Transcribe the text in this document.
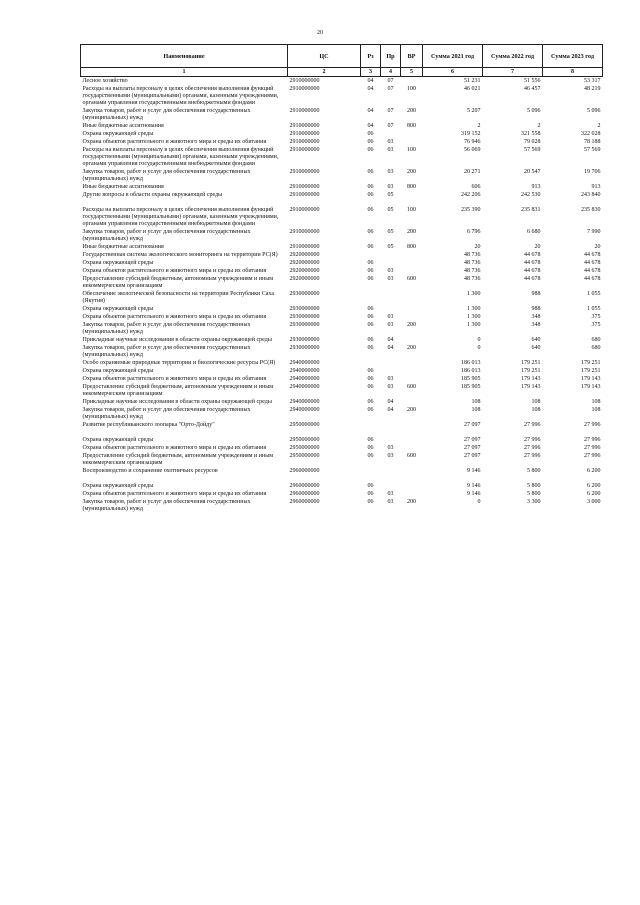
20
Наименование	ЦС	Рз	Пр	ВР	Сумма 2021 год	Сумма 2022 год	Сумма 2023 год
1	2	3	4	5	6	7	8
Лесное хозяйство	2910000000	04	07		51 231	51 556	53 317
Расходы на выплаты персоналу в целях обеспечения выполнения функций государственными (муниципальными) органами, казенными учреждениями, органами управления государственными внебюджетными фондами	2910000000	04	07	100	46 021	46 457	48 219
Закупка товаров, работ и услуг для обеспечения государственных (муниципальных) нужд	2910000000	04	07	200	5 207	5 096	5 096
Иные бюджетные ассигнования	2910000000	04	07	800	2	2	2
Охрана окружающей среды	2910000000	06			319 152	321 558	322 028
Охрана объектов растительного и животного мира и среды их обитания	2910000000	06	03		76 946	79 028	78 188
Расходы на выплаты персоналу в целях обеспечения выполнения функций государственными (муниципальными) органами, казенными учреждениями, органами управления государственными внебюджетными фондами	2910000000	06	03	100	56 069	57 569	57 569
Закупка товаров, работ и услуг для обеспечения государственных (муниципальных) нужд	2910000000	06	03	200	20 271	20 547	19 706
Иные бюджетные ассигнования	2910000000	06	03	800	606	913	913
Другие вопросы в области охраны окружающей среды	2910000000	06	05		242 206	242 530	243 840
Расходы на выплаты персоналу в целях обеспечения выполнения функций государственными (муниципальными) органами, казенными учреждениями, органами управления государственными внебюджетными фондами	2910000000	06	05	100	235 390	235 831	235 830
Закупка товаров, работ и услуг для обеспечения государственных (муниципальных) нужд	2910000000	06	05	200	6 796	6 680	7 990
Иные бюджетные ассигнования	2910000000	06	05	800	20	20	20
Государственная система экологического мониторинга на территории РС(Я)	2920000000				48 736	44 678	44 678
Охрана окружающей среды	2920000000	06			48 736	44 678	44 678
Охрана объектов растительного и животного мира и среды их обитания	2920000000	06	03		48 736	44 678	44 678
Предоставление субсидий бюджетным, автономным учреждениям и иным некоммерческим организациям	2920000000	06	03	600	48 736	44 678	44 678
Обеспечение экологической безопасности на территории Республики Саха (Якутия)	2930000000				1 300	988	1 055
Охрана окружающей среды	2930000000	06			1 300	988	1 055
Охрана объектов растительного и животного мира и среды их обитания	2930000000	06	03		1 300	348	375
Закупка товаров, работ и услуг для обеспечения государственных (муниципальных) нужд	2930000000	06	03	200	1 300	348	375
Прикладные научные исследования в области охраны окружающей среды	2930000000	06	04		0	640	680
Закупка товаров, работ и услуг для обеспечения государственных (муниципальных) нужд	2930000000	06	04	200	0	640	680
Особо охраняемые природные территории и биологические ресурсы РС(Я)	2940000000				186 013	179 251	179 251
Охрана окружающей среды	2940000000	06			186 013	179 251	179 251
Охрана объектов растительного и животного мира и среды их обитания	2940000000	06	03		185 905	179 143	179 143
Предоставление субсидий бюджетным, автономным учреждениям и иным некоммерческим организациям	2940000000	06	03	600	185 905	179 143	179 143
Прикладные научные исследования в области охраны окружающей среды	2940000000	06	04		108	108	108
Закупка товаров, работ и услуг для обеспечения государственных (муниципальных) нужд	2940000000	06	04	200	108	108	108
Развитие республиканского зоопарка "Орто-Дойду"	2950000000				27 097	27 996	27 996
Охрана окружающей среды	2950000000	06			27 097	27 996	27 996
Охрана объектов растительного и животного мира и среды их обитания	2950000000	06	03		27 097	27 996	27 996
Предоставление субсидий бюджетным, автономным учреждениям и иным некоммерческим организациям	2950000000	06	03	600	27 097	27 996	27 996
Воспроизводство и сохранение охотничьих ресурсов	2960000000				9 146	5 800	6 200
Охрана окружающей среды	2960000000	06			9 146	5 800	6 200
Охрана объектов растительного и животного мира и среды их обитания	2960000000	06	03		9 146	5 800	6 200
Закупка товаров, работ и услуг для обеспечения государственных (муниципальных) нужд	2960000000	06	03	200	0	3 300	3 000
